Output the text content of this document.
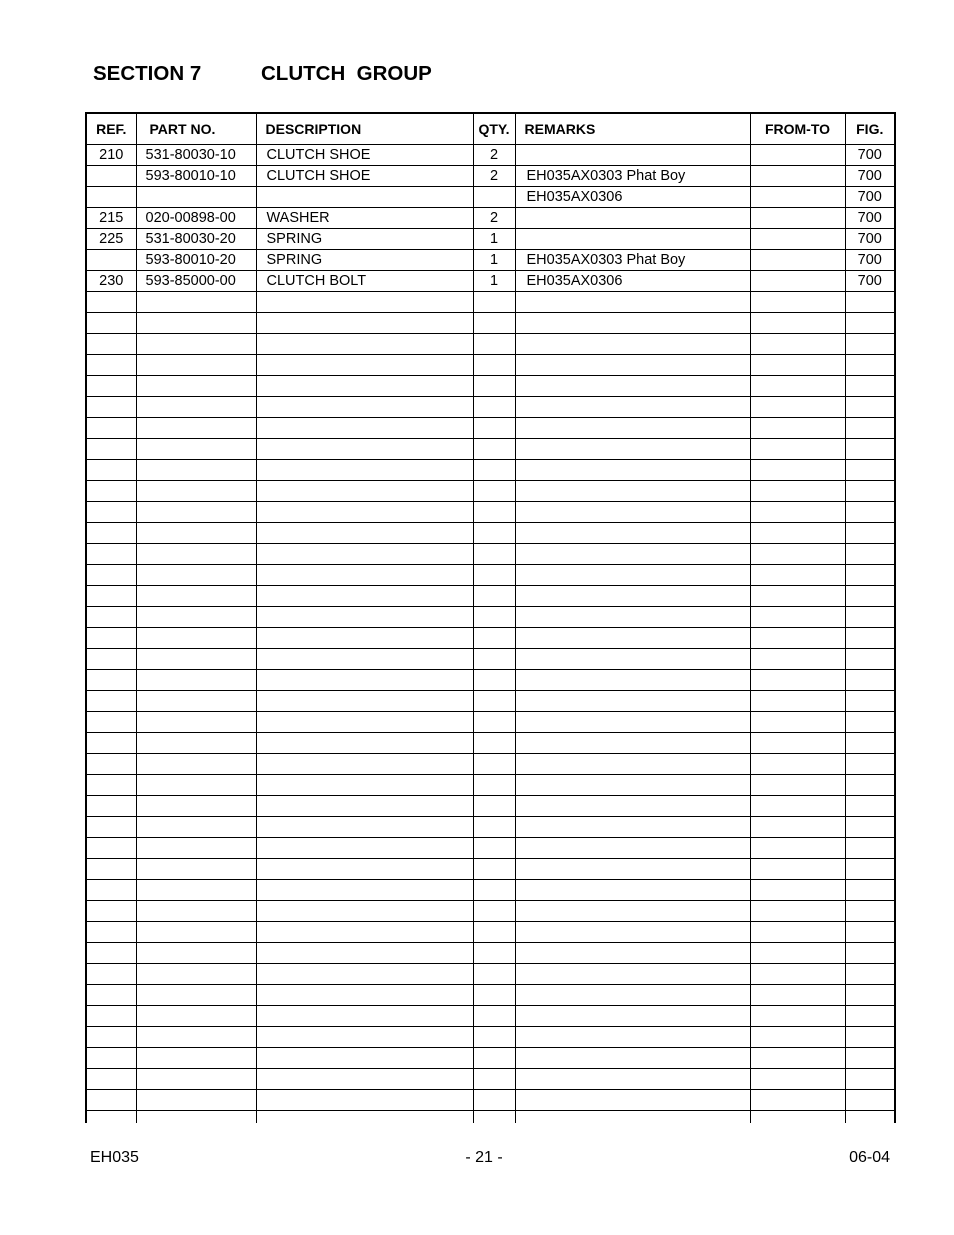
SECTION 7	CLUTCH  GROUP
REF.	PART NO.	DESCRIPTION	QTY.	REMARKS	FROM-TO	FIG.
210	531-80030-10	CLUTCH SHOE	2			700
	593-80010-10	CLUTCH SHOE	2	EH035AX0303 Phat Boy		700
				EH035AX0306		700
215	020-00898-00	WASHER	2			700
225	531-80030-20	SPRING	1			700
	593-80010-20	SPRING	1	EH035AX0303 Phat Boy		700
230	593-85000-00	CLUTCH BOLT	1	EH035AX0306		700

EH035	- 21 -	06-04
